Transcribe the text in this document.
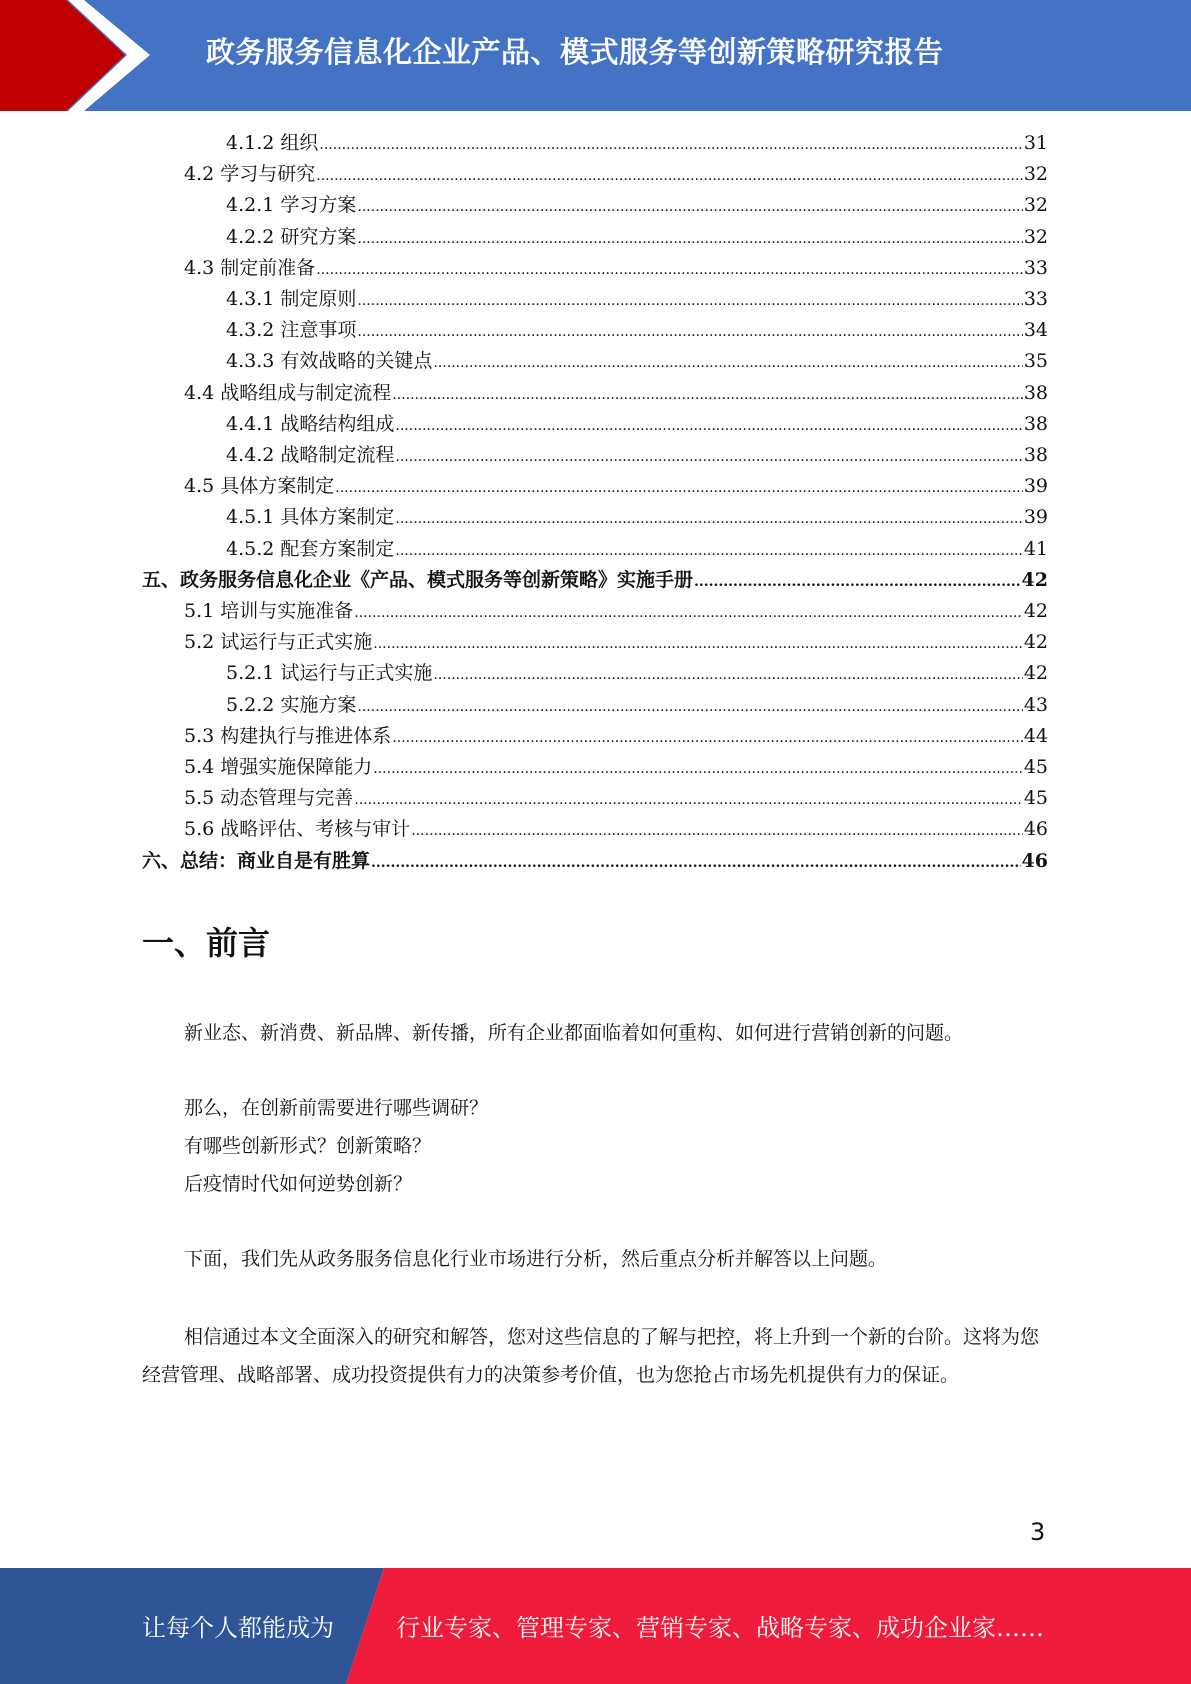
政务服务信息化企业产品、模式服务等创新策略研究报告
4.1.2 组织 .....	31
4.2 学习与研究 .....	32
4.2.1 学习方案 .....	32
4.2.2 研究方案 .....	32
4.3 制定前准备 .....	33
4.3.1 制定原则 .....	33
4.3.2 注意事项 .....	34
4.3.3 有效战略的关键点 .....	35
4.4 战略组成与制定流程 .....	38
4.4.1 战略结构组成 .....	38
4.4.2 战略制定流程 .....	38
4.5 具体方案制定 .....	39
4.5.1 具体方案制定 .....	39
4.5.2 配套方案制定 .....	41
五、政务服务信息化企业《产品、模式服务等创新策略》实施手册 .....	42
5.1 培训与实施准备 .....	42
5.2 试运行与正式实施 .....	42
5.2.1 试运行与正式实施 .....	42
5.2.2 实施方案 .....	43
5.3 构建执行与推进体系 .....	44
5.4 增强实施保障能力 .....	45
5.5 动态管理与完善 .....	45
5.6 战略评估、考核与审计 .....	46
六、总结：商业自是有胜算 .....	46
一、前言
新业态、新消费、新品牌、新传播，所有企业都面临着如何重构、如何进行营销创新的问题。
那么，在创新前需要进行哪些调研？
有哪些创新形式？创新策略？
后疫情时代如何逆势创新？
下面，我们先从政务服务信息化行业市场进行分析，然后重点分析并解答以上问题。
相信通过本文全面深入的研究和解答，您对这些信息的了解与把控，将上升到一个新的台阶。这将为您经营管理、战略部署、成功投资提供有力的决策参考价值，也为您抢占市场先机提供有力的保证。
3
让每个人都能成为	行业专家、管理专家、营销专家、战略专家、成功企业家……
